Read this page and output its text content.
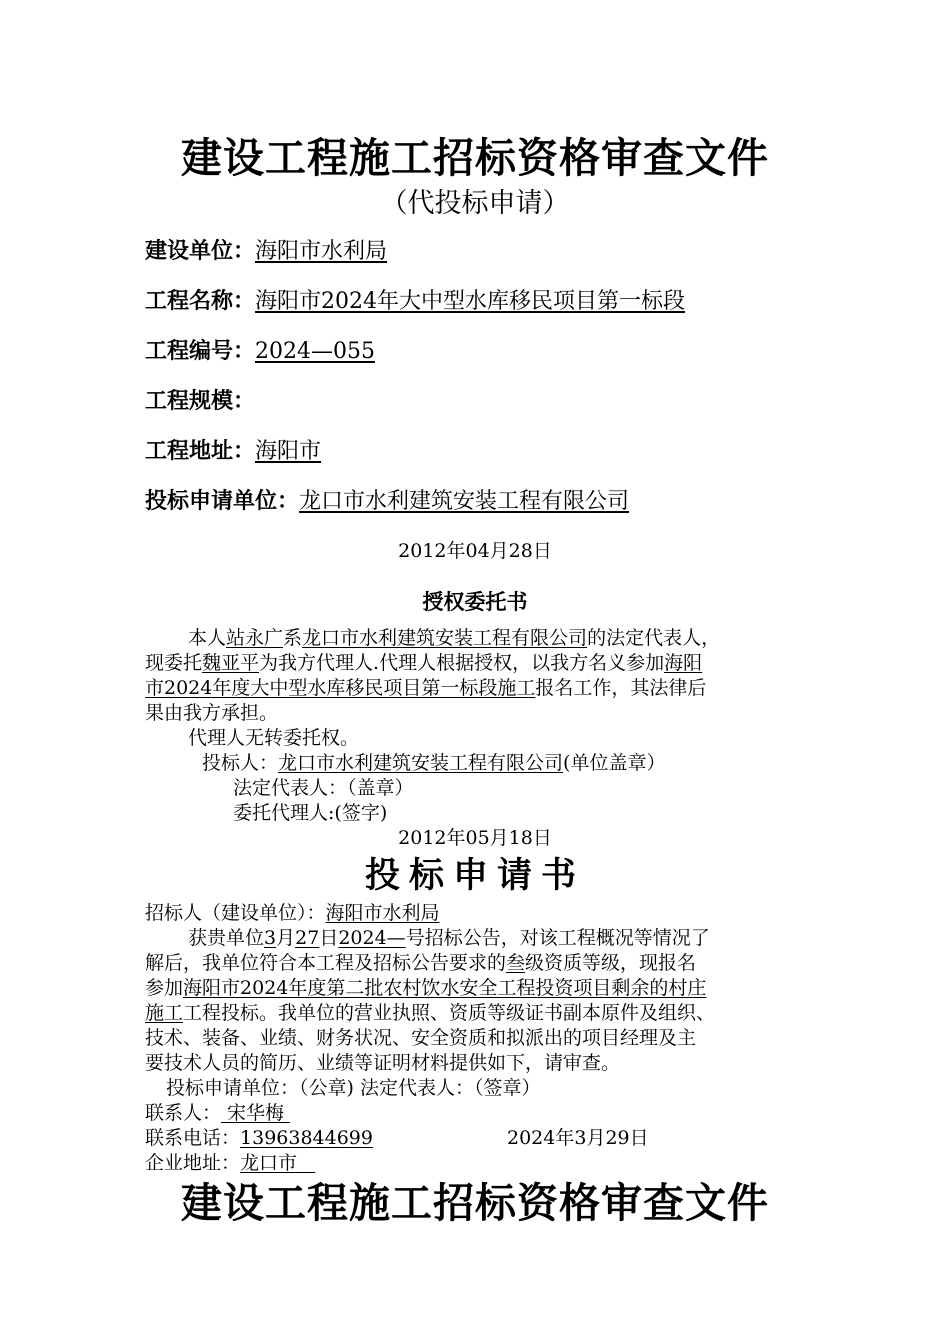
建设工程施工招标资格审查文件
（代投标申请）
建设单位：海阳市水利局
工程名称：海阳市2024年大中型水库移民项目第一标段
工程编号：2024—055
工程规模：
工程地址：海阳市
投标申请单位：龙口市水利建筑安装工程有限公司
2012年04月28日
授权委托书
本人站永广系龙口市水利建筑安装工程有限公司的法定代表人，
现委托魏亚平为我方代理人.代理人根据授权，以我方名义参加海阳
市2024年度大中型水库移民项目第一标段施工报名工作，其法律后
果由我方承担。
代理人无转委托权。
投标人：龙口市水利建筑安装工程有限公司(单位盖章）
法定代表人：（盖章）
委托代理人:(签字)
2012年05月18日
投标申请书
招标人（建设单位）：海阳市水利局
获贵单位3月27日2024—号招标公告，对该工程概况等情况了
解后，我单位符合本工程及招标公告要求的叁级资质等级，现报名
参加海阳市2024年度第二批农村饮水安全工程投资项目剩余的村庄
施工工程投标。我单位的营业执照、资质等级证书副本原件及组织、
技术、装备、业绩、财务状况、安全资质和拟派出的项目经理及主
要技术人员的简历、业绩等证明材料提供如下，请审查。
投标申请单位：（公章) 法定代表人：（签章）
联系人： 宋华梅
联系电话：13963844699	2024年3月29日
企业地址：龙口市
建设工程施工招标资格审查文件
